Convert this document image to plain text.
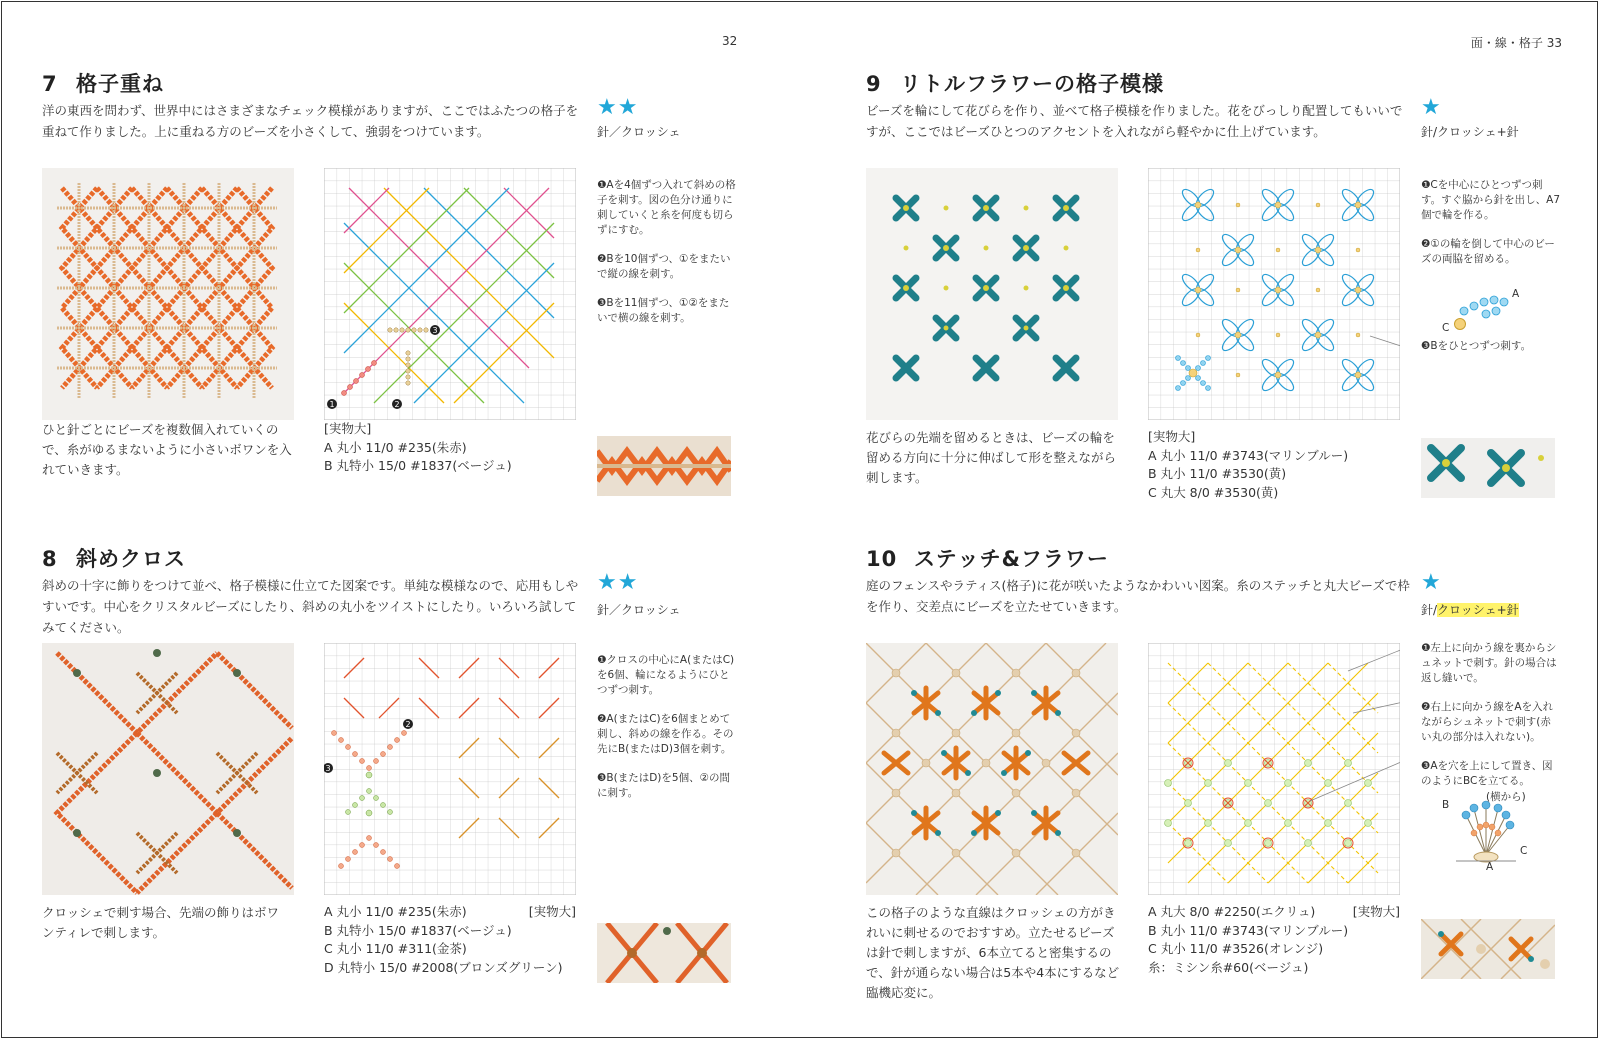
32	面・線・格子 33
7 格子重ね
洋の東西を問わず、世界中にはさまざまなチェック模様がありますが、ここではふたつの格子を重ねて作りました。上に重ねる方のビーズを小さくして、強弱をつけています。
★★
針／クロッシェ
1	2
3

❶Aを4個ずつ入れて斜めの格子を刺す。図の色分け通りに刺していくと糸を何度も切らずにすむ。

❷Bを10個ずつ、①をまたいで縦の線を刺す。

❸Bを11個ずつ、①②をまたいで横の線を刺す。

ひと針ごとにビーズを複数個入れていくので、糸がゆるまないように小さいボワンを入れていきます。
[実物大]
A 丸小 11/0 #235(朱赤)
B 丸特小 15/0 #1837(ベージュ)
8 斜めクロス
斜めの十字に飾りをつけて並べ、格子模様に仕立てた図案です。単純な模様なので、応用もしやすいです。中心をクリスタルビーズにしたり、斜めの丸小をツイストにしたり。いろいろ試してみてください。
★★
針／クロッシェ
2
3

❶クロスの中心にA(またはC)を6個、輪になるようにひとつずつ刺す。

❷A(またはC)を6個まとめて刺し、斜めの線を作る。その先にB(またはD)3個を刺す。

❸B(またはD)を5個、②の間に刺す。

クロッシェで刺す場合、先端の飾りはボワンティレで刺します。
[実物大]
A 丸小 11/0 #235(朱赤)
B 丸特小 15/0 #1837(ベージュ)
C 丸小 11/0 #311(金茶)
D 丸特小 15/0 #2008(ブロンズグリーン)
9 リトルフラワーの格子模様
ビーズを輪にして花びらを作り、並べて格子模様を作りました。花をびっしり配置してもいいですが、ここではビーズひとつのアクセントを入れながら軽やかに仕上げています。
★
針/クロッシェ+針

❶Cを中心にひとつずつ刺す。すぐ脇から針を出し、A7個で輪を作る。

❷①の輪を倒して中心のビーズの両脇を留める。

❸Bをひとつずつ刺す。

A
C
花びらの先端を留めるときは、ビーズの輪を留める方向に十分に伸ばして形を整えながら刺します。
[実物大]
A 丸小 11/0 #3743(マリンブルー)
B 丸小 11/0 #3530(黄)
C 丸大 8/0 #3530(黄)
10 ステッチ&フラワー
庭のフェンスやラティス(格子)に花が咲いたようなかわいい図案。糸のステッチと丸大ビーズで枠を作り、交差点にビーズを立たせていきます。
★
針/クロッシェ+針

❶左上に向かう線を裏からシュネットで刺す。針の場合は返し縫いで。

❷右上に向かう線をAを入れながらシュネットで刺す(赤い丸の部分は入れない)。

❸Aを穴を上にして置き、図のようにBCを立てる。

(横から)
B
C
A
この格子のような直線はクロッシェの方がきれいに刺せるのでおすすめ。立たせるビーズは針で刺しますが、6本立てると密集するので、針が通らない場合は5本や4本にするなど臨機応変に。
[実物大]
A 丸大 8/0 #2250(エクリュ)
B 丸小 11/0 #3743(マリンブルー)
C 丸小 11/0 #3526(オレンジ)
糸：ミシン糸#60(ベージュ)
